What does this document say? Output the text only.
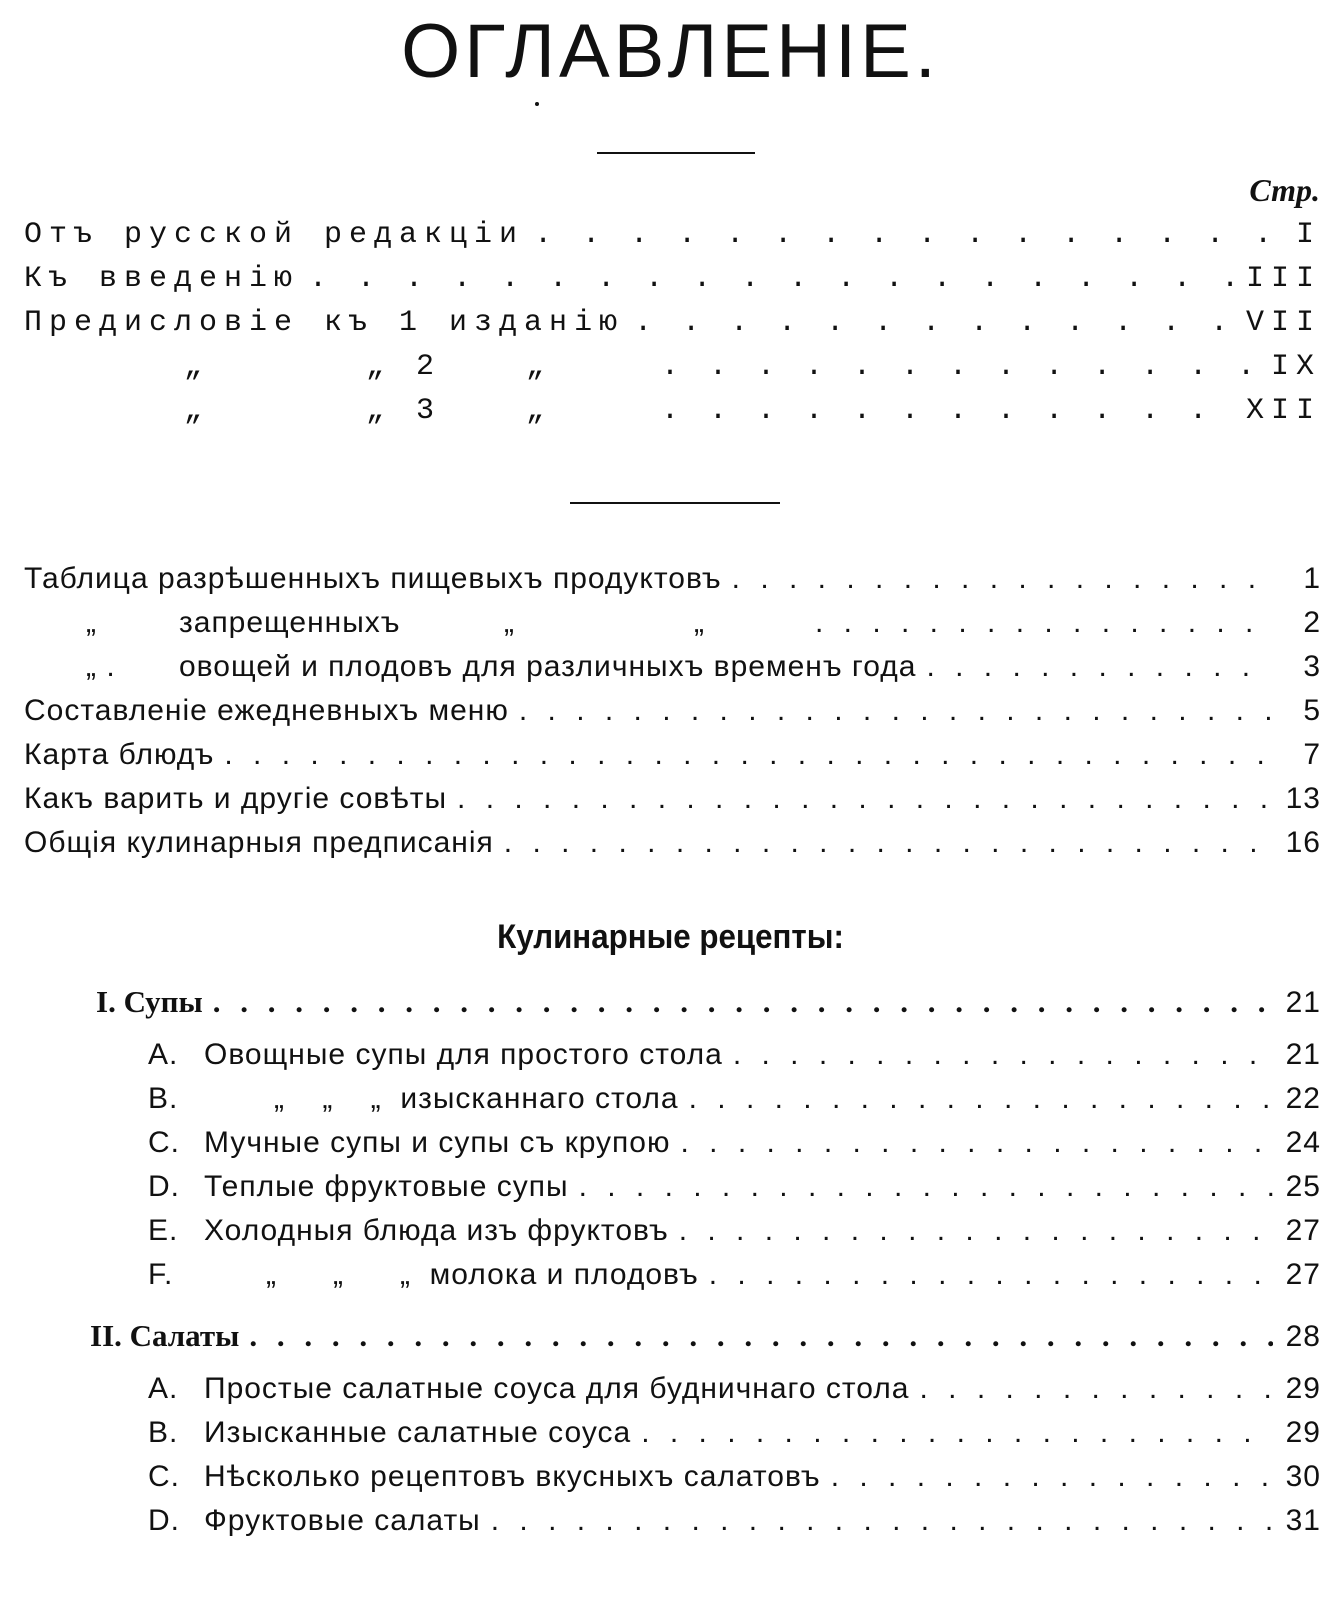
ОГЛАВЛЕНIЕ.
Стр.
Отъ русской редакцiи . . .	I
Къ введенiю . . .	III
Предисловiе къ 1 изданiю . . .	VII
„	„ 2	„ . . .	IX
„	„ 3	„ . . .	XII
Таблица разрѣшенныхъ пищевыхъ продуктовъ . . .	1
„	запрещенныхъ	„	„ . . .	2
„ .	овощей и плодовъ для различныхъ временъ года . . .	3
Составленiе ежедневныхъ меню . . .	5
Карта блюдъ . . .	7
Какъ варить и другiе совѣты . . .	13
Общiя кулинарныя предписанiя . . .	16
Кулинарные рецепты:
I. Супы . . .	21
A. Овощные супы для простого стола . . .	21
B.	„    „    „  изысканнаго стола . . .	22
C. Мучные супы и супы съ крупою . . .	24
D. Теплые фруктовые супы . . .	25
E. Холодныя блюда изъ фруктовъ . . .	27
F.	„      „      „  молока и плодовъ . . .	27
II. Салаты . . .	28
A. Простые салатные соуса для будничнаго стола . . .	29
B. Изысканные салатные соуса . . .	29
C. Нѣсколько рецептовъ вкусныхъ салатовъ . . .	30
D. Фруктовые салаты . . .	31
